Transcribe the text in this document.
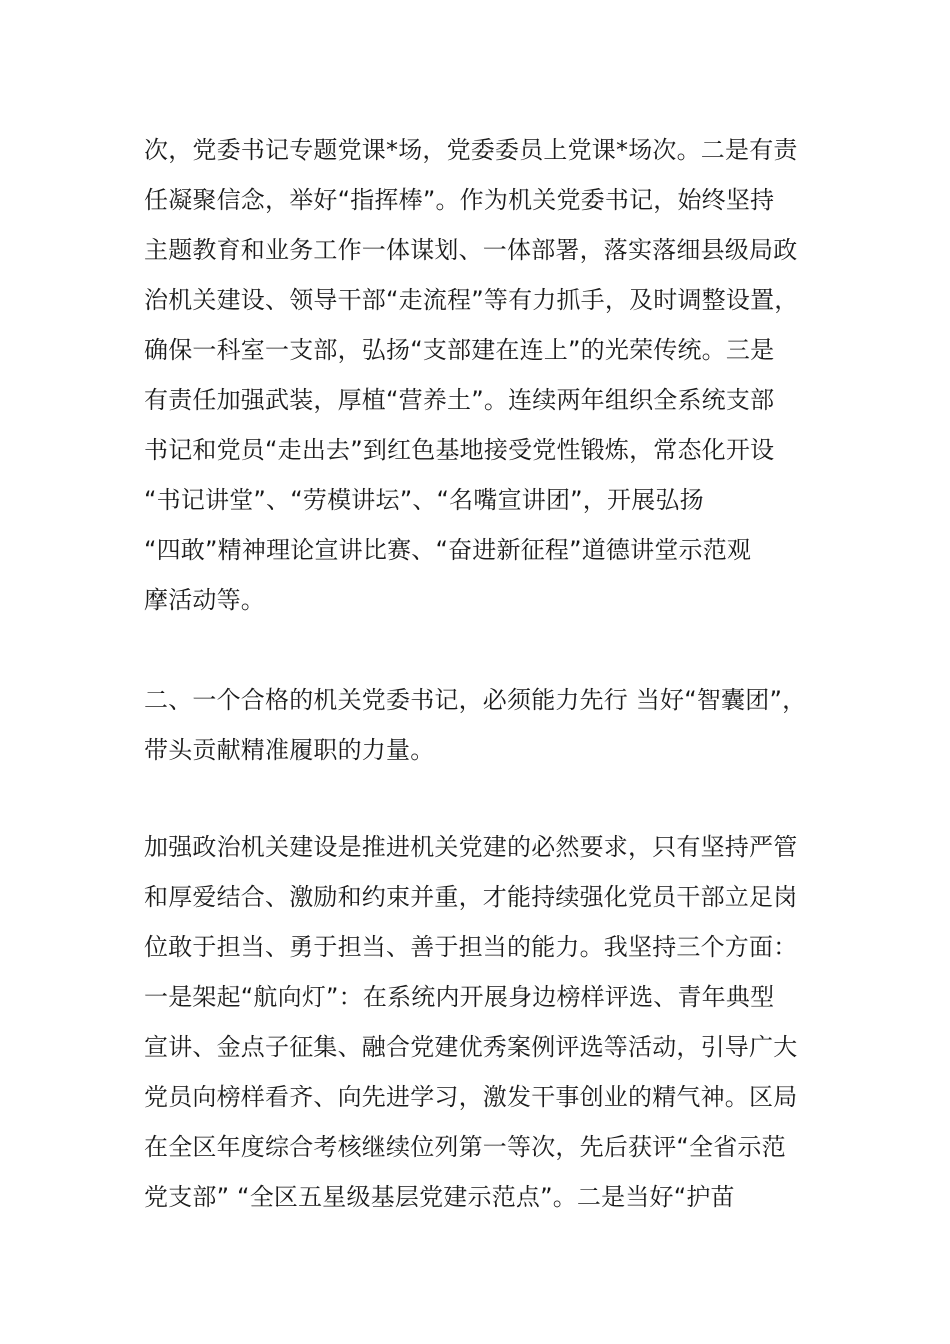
次，党委书记专题党课*场，党委委员上党课*场次。二是有责
任凝聚信念，举好“指挥棒”。作为机关党委书记，始终坚持
主题教育和业务工作一体谋划、一体部署，落实落细县级局政
治机关建设、领导干部“走流程”等有力抓手，及时调整设置，
确保一科室一支部，弘扬“支部建在连上”的光荣传统。三是
有责任加强武装，厚植“营养土”。连续两年组织全系统支部
书记和党员“走出去”到红色基地接受党性锻炼，常态化开设
“书记讲堂”、“劳模讲坛”、“名嘴宣讲团”，开展弘扬
“四敢”精神理论宣讲比赛、“奋进新征程”道德讲堂示范观
摩活动等。
二、一个合格的机关党委书记，必须能力先行 当好“智囊团”，
带头贡献精准履职的力量。
加强政治机关建设是推进机关党建的必然要求，只有坚持严管
和厚爱结合、激励和约束并重，才能持续强化党员干部立足岗
位敢于担当、勇于担当、善于担当的能力。我坚持三个方面：
一是架起“航向灯”：在系统内开展身边榜样评选、青年典型
宣讲、金点子征集、融合党建优秀案例评选等活动，引导广大
党员向榜样看齐、向先进学习，激发干事创业的精气神。区局
在全区年度综合考核继续位列第一等次，先后获评“全省示范
党支部” “全区五星级基层党建示范点”。二是当好“护苗
